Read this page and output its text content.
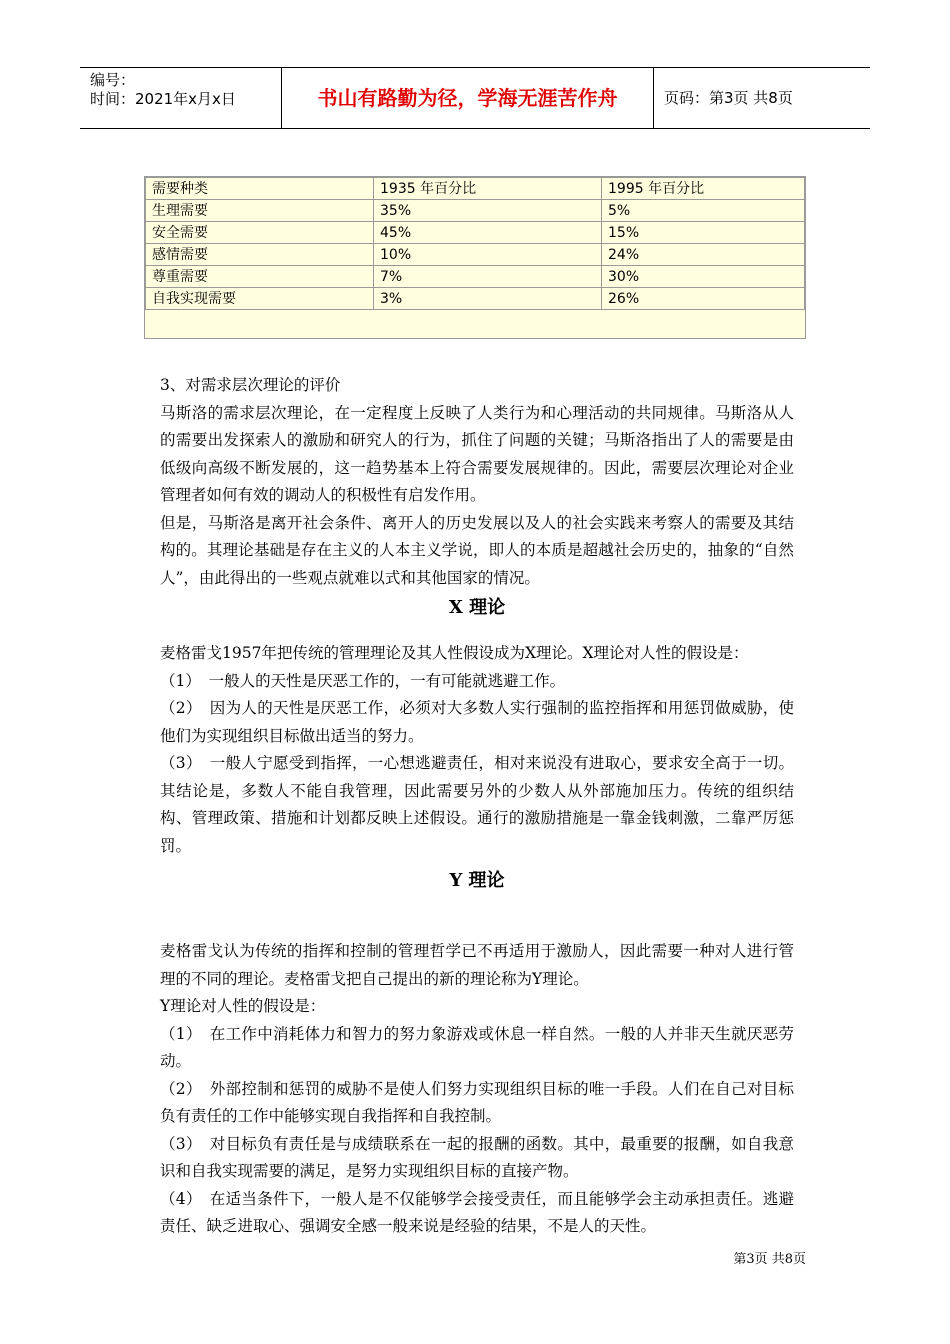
编号：
时间：2021年x月x日	书山有路勤为径，学海无涯苦作舟	页码：第3页 共8页
需要种类	1935 年百分比	1995 年百分比
生理需要	35%	5%
安全需要	45%	15%
感情需要	10%	24%
尊重需要	7%	30%
自我实现需要	3%	26%

3、对需求层次理论的评价

马斯洛的需求层次理论，在一定程度上反映了人类行为和心理活动的共同规律。马斯洛从人的需要出发探索人的激励和研究人的行为，抓住了问题的关键；马斯洛指出了人的需要是由低级向高级不断发展的，这一趋势基本上符合需要发展规律的。因此，需要层次理论对企业管理者如何有效的调动人的积极性有启发作用。

但是，马斯洛是离开社会条件、离开人的历史发展以及人的社会实践来考察人的需要及其结构的。其理论基础是存在主义的人本主义学说，即人的本质是超越社会历史的，抽象的“自然人”，由此得出的一些观点就难以式和其他国家的情况。

X 理论

麦格雷戈1957年把传统的管理理论及其人性假设成为X理论。X理论对人性的假设是：

（1）　一般人的天性是厌恶工作的，一有可能就逃避工作。

（2）　因为人的天性是厌恶工作，必须对大多数人实行强制的监控指挥和用惩罚做威胁，使他们为实现组织目标做出适当的努力。

（3）　一般人宁愿受到指挥，一心想逃避责任，相对来说没有进取心，要求安全高于一切。其结论是，多数人不能自我管理，因此需要另外的少数人从外部施加压力。传统的组织结构、管理政策、措施和计划都反映上述假设。通行的激励措施是一靠金钱刺激，二靠严厉惩罚。

Y 理论

麦格雷戈认为传统的指挥和控制的管理哲学已不再适用于激励人，因此需要一种对人进行管理的不同的理论。麦格雷戈把自己提出的新的理论称为Y理论。

Y理论对人性的假设是：

（1）　在工作中消耗体力和智力的努力象游戏或休息一样自然。一般的人并非天生就厌恶劳动。

（2）　外部控制和惩罚的威胁不是使人们努力实现组织目标的唯一手段。人们在自己对目标负有责任的工作中能够实现自我指挥和自我控制。

（3）　对目标负有责任是与成绩联系在一起的报酬的函数。其中，最重要的报酬，如自我意识和自我实现需要的满足，是努力实现组织目标的直接产物。

（4）　在适当条件下，一般人是不仅能够学会接受责任，而且能够学会主动承担责任。逃避责任、缺乏进取心、强调安全感一般来说是经验的结果，不是人的天性。

第3页 共8页
